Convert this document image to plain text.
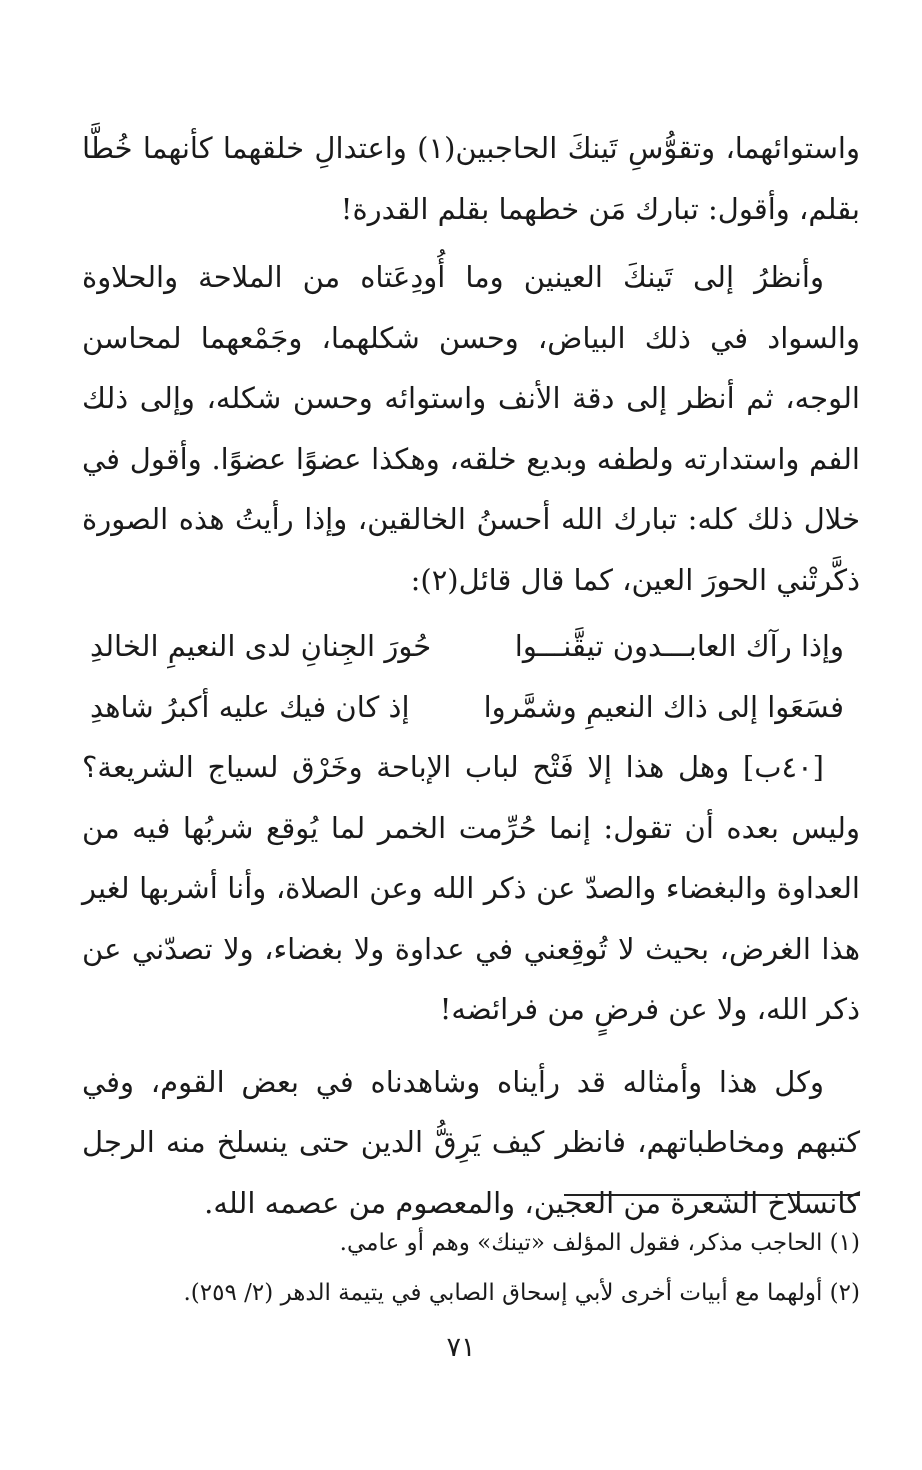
واستوائهما، وتقوُّسِ تَينكَ الحاجبين(١) واعتدالِ خلقهما كأنهما خُطَّا بقلم، وأقول: تبارك مَن خطهما بقلم القدرة!

وأنظرُ إلى تَينكَ العينين وما أُودِعَتاه من الملاحة والحلاوة والسواد في ذلك البياض، وحسن شكلهما، وجَمْعهما لمحاسن الوجه، ثم أنظر إلى دقة الأنف واستوائه وحسن شكله، وإلى ذلك الفم واستدارته ولطفه وبديع خلقه، وهكذا عضوًا عضوًا. وأقول في خلال ذلك كله: تبارك الله أحسنُ الخالقين، وإذا رأيتُ هذه الصورة ذكَّرتْني الحورَ العين، كما قال قائل(٢):

وإذا رآك العابـــدون تيقَّنـــوا
حُورَ الجِنانِ لدى النعيمِ الخالدِ
فسَعَوا إلى ذاك النعيمِ وشمَّروا
إذ كان فيك عليه أكبرُ شاهدِ

[٤٠ب] وهل هذا إلا فَتْح لباب الإباحة وخَرْق لسياج الشريعة؟ وليس بعده أن تقول: إنما حُرِّمت الخمر لما يُوقع شربُها فيه من العداوة والبغضاء والصدّ عن ذكر الله وعن الصلاة، وأنا أشربها لغير هذا الغرض، بحيث لا تُوقِعني في عداوة ولا بغضاء، ولا تصدّني عن ذكر الله، ولا عن فرضٍ من فرائضه!

وكل هذا وأمثاله قد رأيناه وشاهدناه في بعض القوم، وفي كتبهم ومخاطباتهم، فانظر كيف يَرِقُّ الدين حتى ينسلخ منه الرجل كانسلاخ الشعرة من العجين، والمعصوم من عصمه الله.

(١) الحاجب مذكر، فقول المؤلف «تينك» وهم أو عامي.

(٢) أولهما مع أبيات أخرى لأبي إسحاق الصابي في يتيمة الدهر (٢/ ٢٥٩).

٧١
